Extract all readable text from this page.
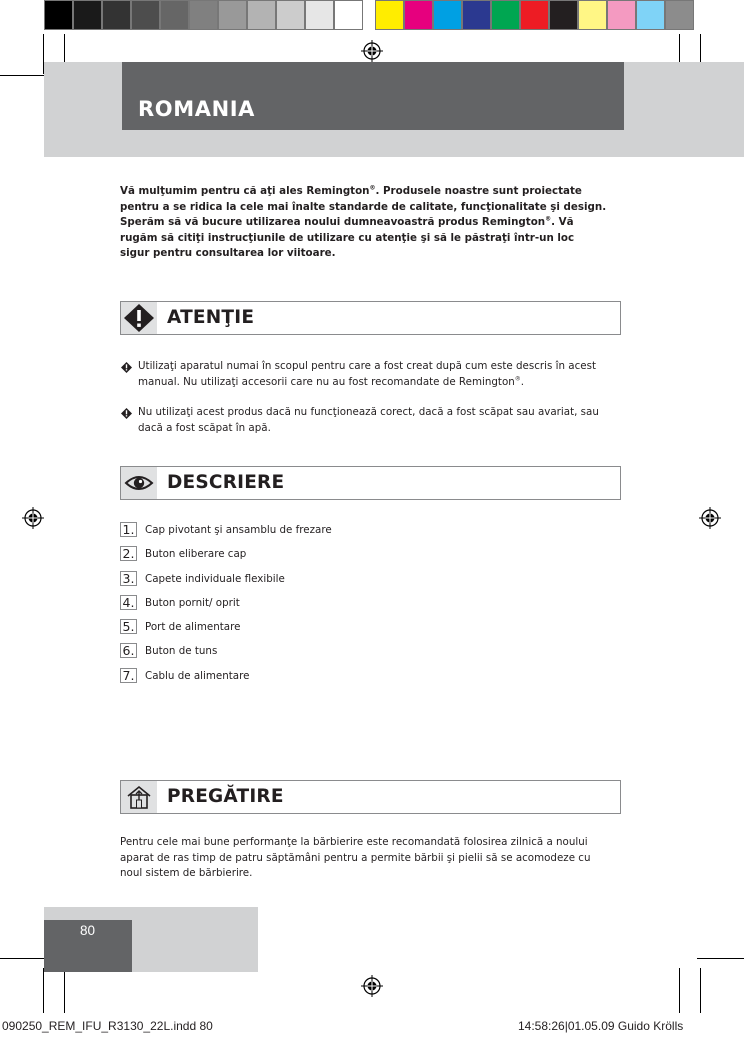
ROMANIA
Vă mulţumim pentru că aţi ales Remington®. Produsele noastre sunt proiectate
pentru a se ridica la cele mai înalte standarde de calitate, funcţionalitate şi design.
Sperăm să vă bucure utilizarea noului dumneavoastră produs Remington®. Vă
rugăm să citiţi instrucţiunile de utilizare cu atenţie şi să le păstraţi într-un loc
sigur pentru consultarea lor viitoare.
ATENŢIE
Utilizaţi aparatul numai în scopul pentru care a fost creat după cum este descris în acest
manual. Nu utilizaţi accesorii care nu au fost recomandate de Remington®.
Nu utilizaţi acest produs dacă nu funcţionează corect, dacă a fost scăpat sau avariat, sau
dacă a fost scăpat în apă.
DESCRIERE
1. Cap pivotant şi ansamblu de frezare
2. Buton eliberare cap
3. Capete individuale flexibile
4. Buton pornit/ oprit
5. Port de alimentare
6. Buton de tuns
7. Cablu de alimentare
PREGĂTIRE
Pentru cele mai bune performanţe la bărbierire este recomandată folosirea zilnică a noului
aparat de ras timp de patru săptămâni pentru a permite bărbii şi pielii să se acomodeze cu
noul sistem de bărbierire.
80
090250_REM_IFU_R3130_22L.indd 80	14:58:26|01.05.09 Guido Krölls
